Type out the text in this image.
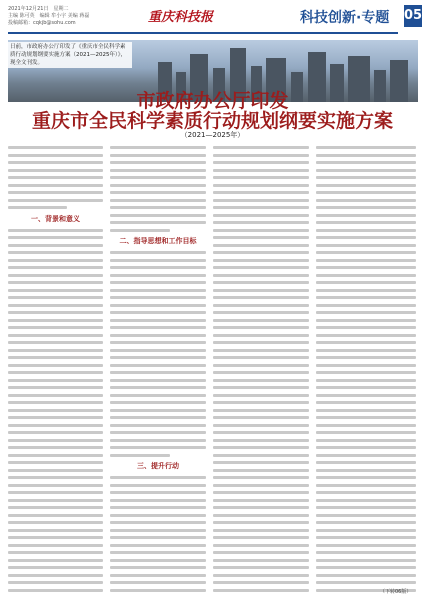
2021年12月21日　星期二
主编 陈可英　编辑 牟小宇 美编 蒋磊
投稿邮箱：cqkjb@sohu.com	重庆科技报	科技创新·专题 05
日前，市政府办公厅印发了《重庆市全民科学素质行动规划纲要实施方案（2021—2025年）》，现全文刊发。
市政府办公厅印发
重庆市全民科学素质行动规划纲要实施方案
（2021—2025年）
一、背景和意义
二、指导思想和工作目标
三、提升行动
（下转06版）
